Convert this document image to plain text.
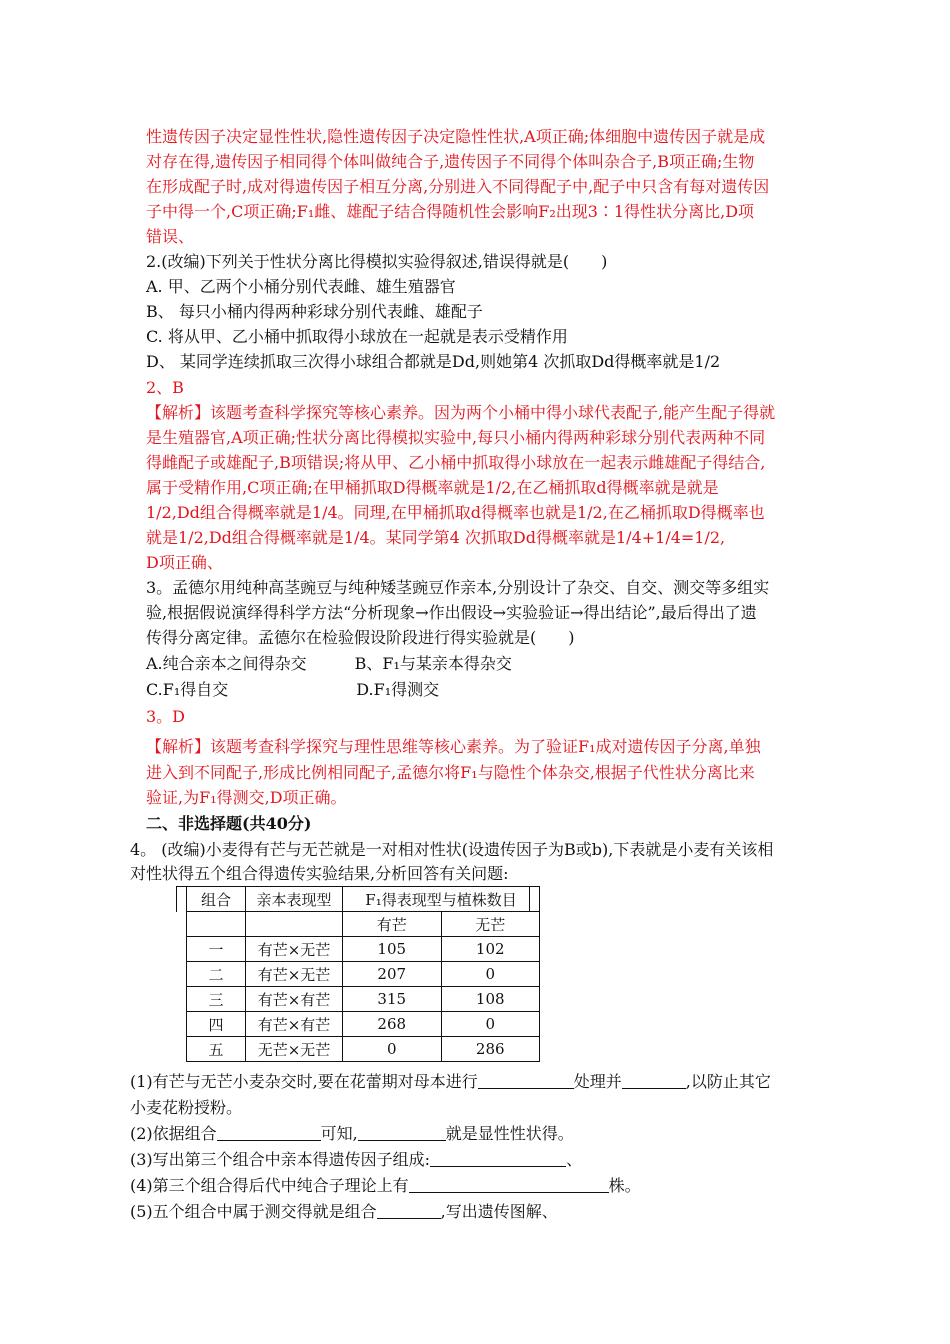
性遗传因子决定显性性状,隐性遗传因子决定隐性性状,A项正确;体细胞中遗传因子就是成
对存在得,遗传因子相同得个体叫做纯合子,遗传因子不同得个体叫杂合子,B项正确;生物
在形成配子时,成对得遗传因子相互分离,分别进入不同得配子中,配子中只含有每对遗传因
子中得一个,C项正确;F₁雌、雄配子结合得随机性会影响F₂出现3∶1得性状分离比,D项
错误、
2.(改编)下列关于性状分离比得模拟实验得叙述,错误得就是(　　)
A. 甲、乙两个小桶分别代表雌、雄生殖器官
B、 每只小桶内得两种彩球分别代表雌、雄配子
C. 将从甲、乙小桶中抓取得小球放在一起就是表示受精作用
D、 某同学连续抓取三次得小球组合都就是Dd,则她第4 次抓取Dd得概率就是1/2
2、B
【解析】该题考查科学探究等核心素养。因为两个小桶中得小球代表配子,能产生配子得就
是生殖器官,A项正确;性状分离比得模拟实验中,每只小桶内得两种彩球分别代表两种不同
得雌配子或雄配子,B项错误;将从甲、乙小桶中抓取得小球放在一起表示雌雄配子得结合,
属于受精作用,C项正确;在甲桶抓取D得概率就是1/2,在乙桶抓取d得概率就是就是
1/2,Dd组合得概率就是1/4。同理,在甲桶抓取d得概率也就是1/2,在乙桶抓取D得概率也
就是1/2,Dd组合得概率就是1/4。某同学第4 次抓取Dd得概率就是1/4+1/4=1/2,
D项正确、
3。孟德尔用纯种高茎豌豆与纯种矮茎豌豆作亲本,分别设计了杂交、自交、测交等多组实
验,根据假说演绎得科学方法“分析现象→作出假设→实验验证→得出结论”,最后得出了遗
传得分离定律。孟德尔在检验假设阶段进行得实验就是(　　)
A.纯合亲本之间得杂交　　　B、F₁与某亲本得杂交
C.F₁得自交　　　　　　　　D.F₁得测交
3。D
【解析】该题考查科学探究与理性思维等核心素养。为了验证F₁成对遗传因子分离,单独
进入到不同配子,形成比例相同配子,孟德尔将F₁与隐性个体杂交,根据子代性状分离比来
验证,为F₁得测交,D项正确。
二、非选择题(共40分)
4。 (改编)小麦得有芒与无芒就是一对相对性状(设遗传因子为B或b),下表就是小麦有关该相
对性状得五个组合得遗传实验结果,分析回答有关问题:
组合	亲本表现型	F₁得表现型与植株数目	
		有芒	无芒
一	有芒×无芒	105	102
二	有芒×无芒	207	0
三	有芒×有芒	315	108
四	有芒×有芒	268	0
五	无芒×无芒	0	286
(1)有芒与无芒小麦杂交时,要在花蕾期对母本进行	处理并	,以防止其它
小麦花粉授粉。
(2)依据组合	可知,	就是显性性状得。
(3)写出第三个组合中亲本得遗传因子组成:	、
(4)第三个组合得后代中纯合子理论上有	株。
(5)五个组合中属于测交得就是组合	,写出遗传图解、
